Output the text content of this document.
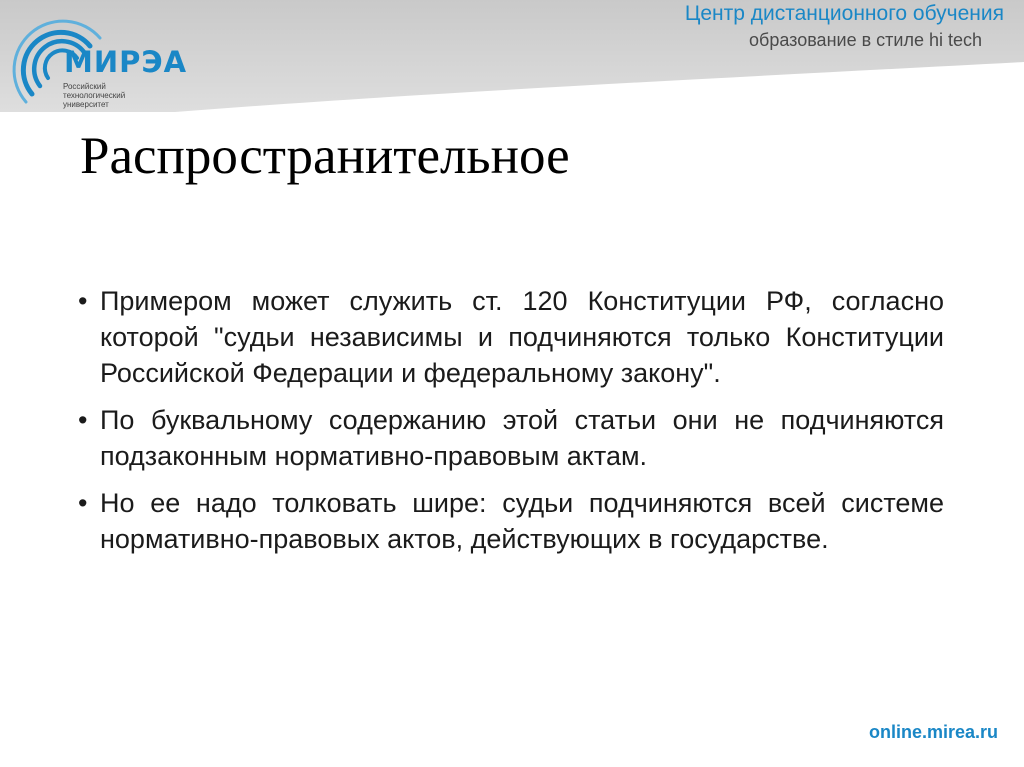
МИРЭА
Российский
технологический
университет
Центр дистанционного обучения
образование в стиле hi tech
Распространительное
• Примером может служить ст. 120 Конституции РФ, согласно которой "судьи независимы и подчиняются только Конституции Российской Федерации и федеральному закону".
• По буквальному содержанию этой статьи они не подчиняются подзаконным нормативно-правовым актам.
• Но ее надо толковать шире: судьи подчиняются всей системе нормативно-правовых актов, действующих в государстве.
online.mirea.ru
